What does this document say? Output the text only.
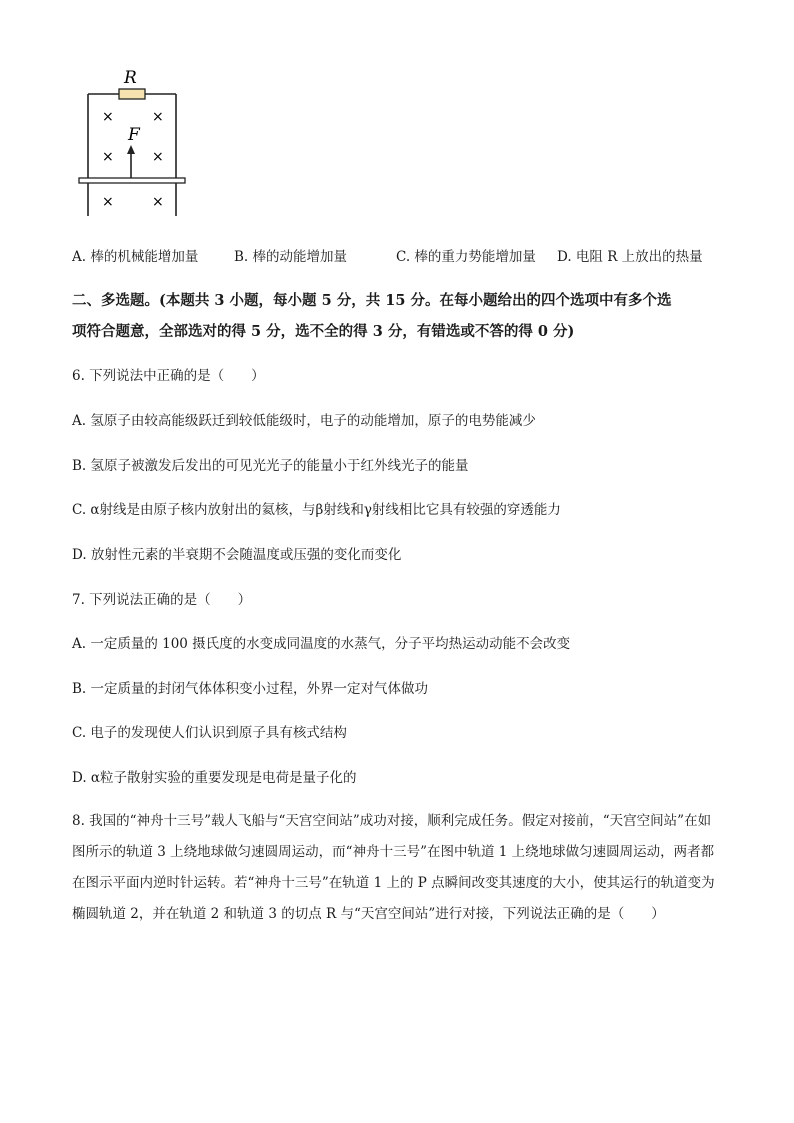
R
×	×
×	×
×	×
F
A. 棒的机械能增加量	B. 棒的动能增加量	C. 棒的重力势能增加量 D. 电阻 R 上放出的热量
二、多选题。(本题共 3 小题，每小题 5 分，共 15 分。在每小题给出的四个选项中有多个选
项符合题意，全部选对的得 5 分，选不全的得 3 分，有错选或不答的得 0 分)
6. 下列说法中正确的是（　　）
A. 氢原子由较高能级跃迁到较低能级时，电子的动能增加，原子的电势能减少
B. 氢原子被激发后发出的可见光光子的能量小于红外线光子的能量
C. α射线是由原子核内放射出的氦核，与β射线和γ射线相比它具有较强的穿透能力
D. 放射性元素的半衰期不会随温度或压强的变化而变化
7. 下列说法正确的是（　　）
A. 一定质量的 100 摄氏度的水变成同温度的水蒸气，分子平均热运动动能不会改变
B. 一定质量的封闭气体体积变小过程，外界一定对气体做功
C. 电子的发现使人们认识到原子具有核式结构
D. α粒子散射实验的重要发现是电荷是量子化的
8. 我国的“神舟十三号”载人飞船与“天宫空间站”成功对接，顺利完成任务。假定对接前，“天宫空间站”在如图所示的轨道 3 上绕地球做匀速圆周运动，而“神舟十三号”在图中轨道 1 上绕地球做匀速圆周运动，两者都在图示平面内逆时针运转。若“神舟十三号”在轨道 1 上的 P 点瞬间改变其速度的大小，使其运行的轨道变为椭圆轨道 2，并在轨道 2 和轨道 3 的切点 R 与“天宫空间站”进行对接，下列说法正确的是（　　）
